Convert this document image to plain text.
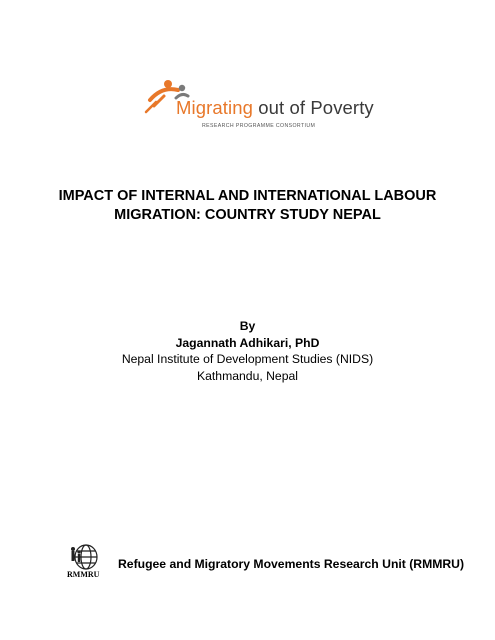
Migrating out of Poverty
RESEARCH PROGRAMME CONSORTIUM
IMPACT OF INTERNAL AND INTERNATIONAL LABOUR
MIGRATION: COUNTRY STUDY NEPAL
By
Jagannath Adhikari, PhD
Nepal Institute of Development Studies (NIDS)
Kathmandu, Nepal
RMMRU
Refugee and Migratory Movements Research Unit (RMMRU)
